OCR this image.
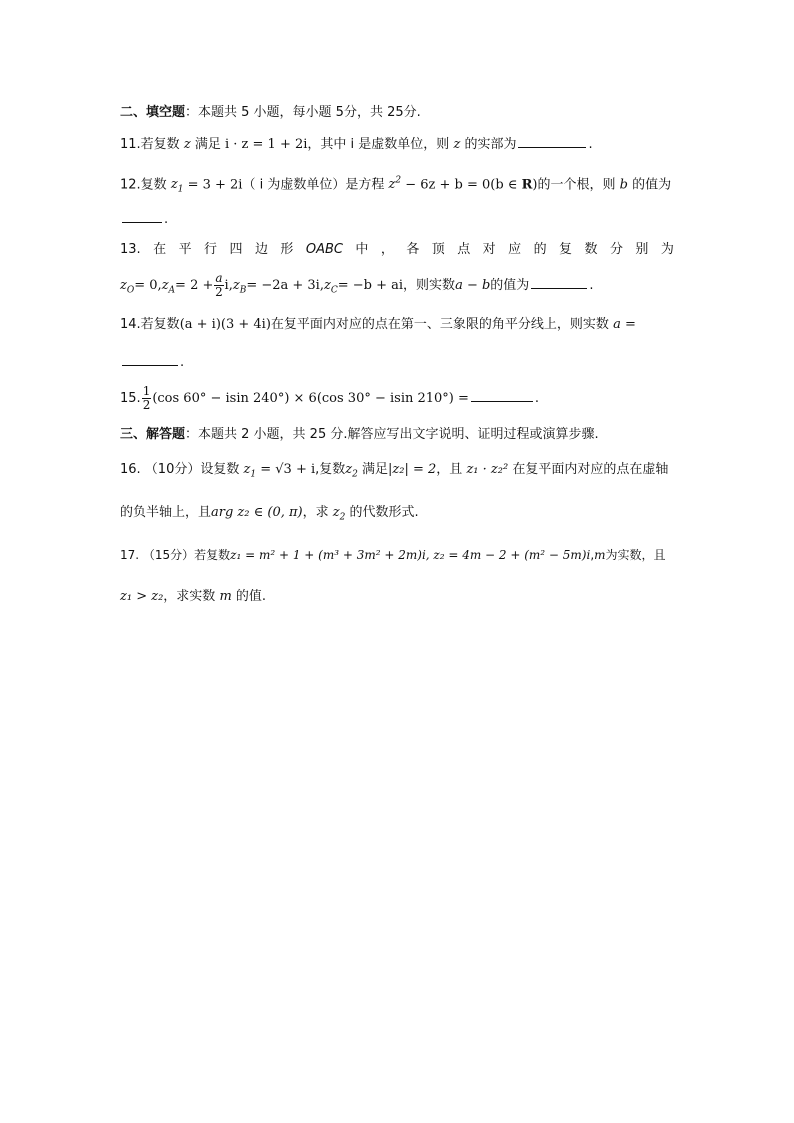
二、填空题：本题共 5 小题，每小题 5分，共 25分.
11.若复数 z 满足 i · z = 1 + 2i，其中 i 是虚数单位，则 z 的实部为	.
12.复数 $z_1 = 3 + 2i$（ i 为虚数单位）是方程 $z^2 - 6z + b = 0(b$ ∈ R)的一个根，则 b 的值为
.
13. 在 平 行 四 边 形 OABC 中 ， 各 顶 点 对 应 的 复 数 分 别 为
$z_O= 0,z_A= 2 + \frac{a}{2} i,z_B= -2a + 3i,z_C= -b$ + ai，则实数a − b的值为	.
14.若复数(a + i)(3 + 4i)在复平面内对应的点在第一、三象限的角平分线上，则实数 a =
.
15. $\frac{1}{2} (\cos$ 60° − isin 240°) × 6(cos 30° − isin 210°) =	.
三、解答题：本题共 2 小题，共 25 分.解答应写出文字说明、证明过程或演算步骤.
16. （10分）设复数 $z_1 = √3 + i$,复数$z_2$ 满足|z₂| = 2，且 z₁ · z₂² 在复平面内对应的点在虚轴
的负半轴上，且arg z₂ ∈ (0, π)，求 $z_2$ 的代数形式.
17. （15分）若复数z₁ = m² + 1 + (m³ + 3m² + 2m)i, z₂ = 4m − 2 + (m² − 5m)i,m为实数，且
z₁ > z₂，求实数 m 的值.
